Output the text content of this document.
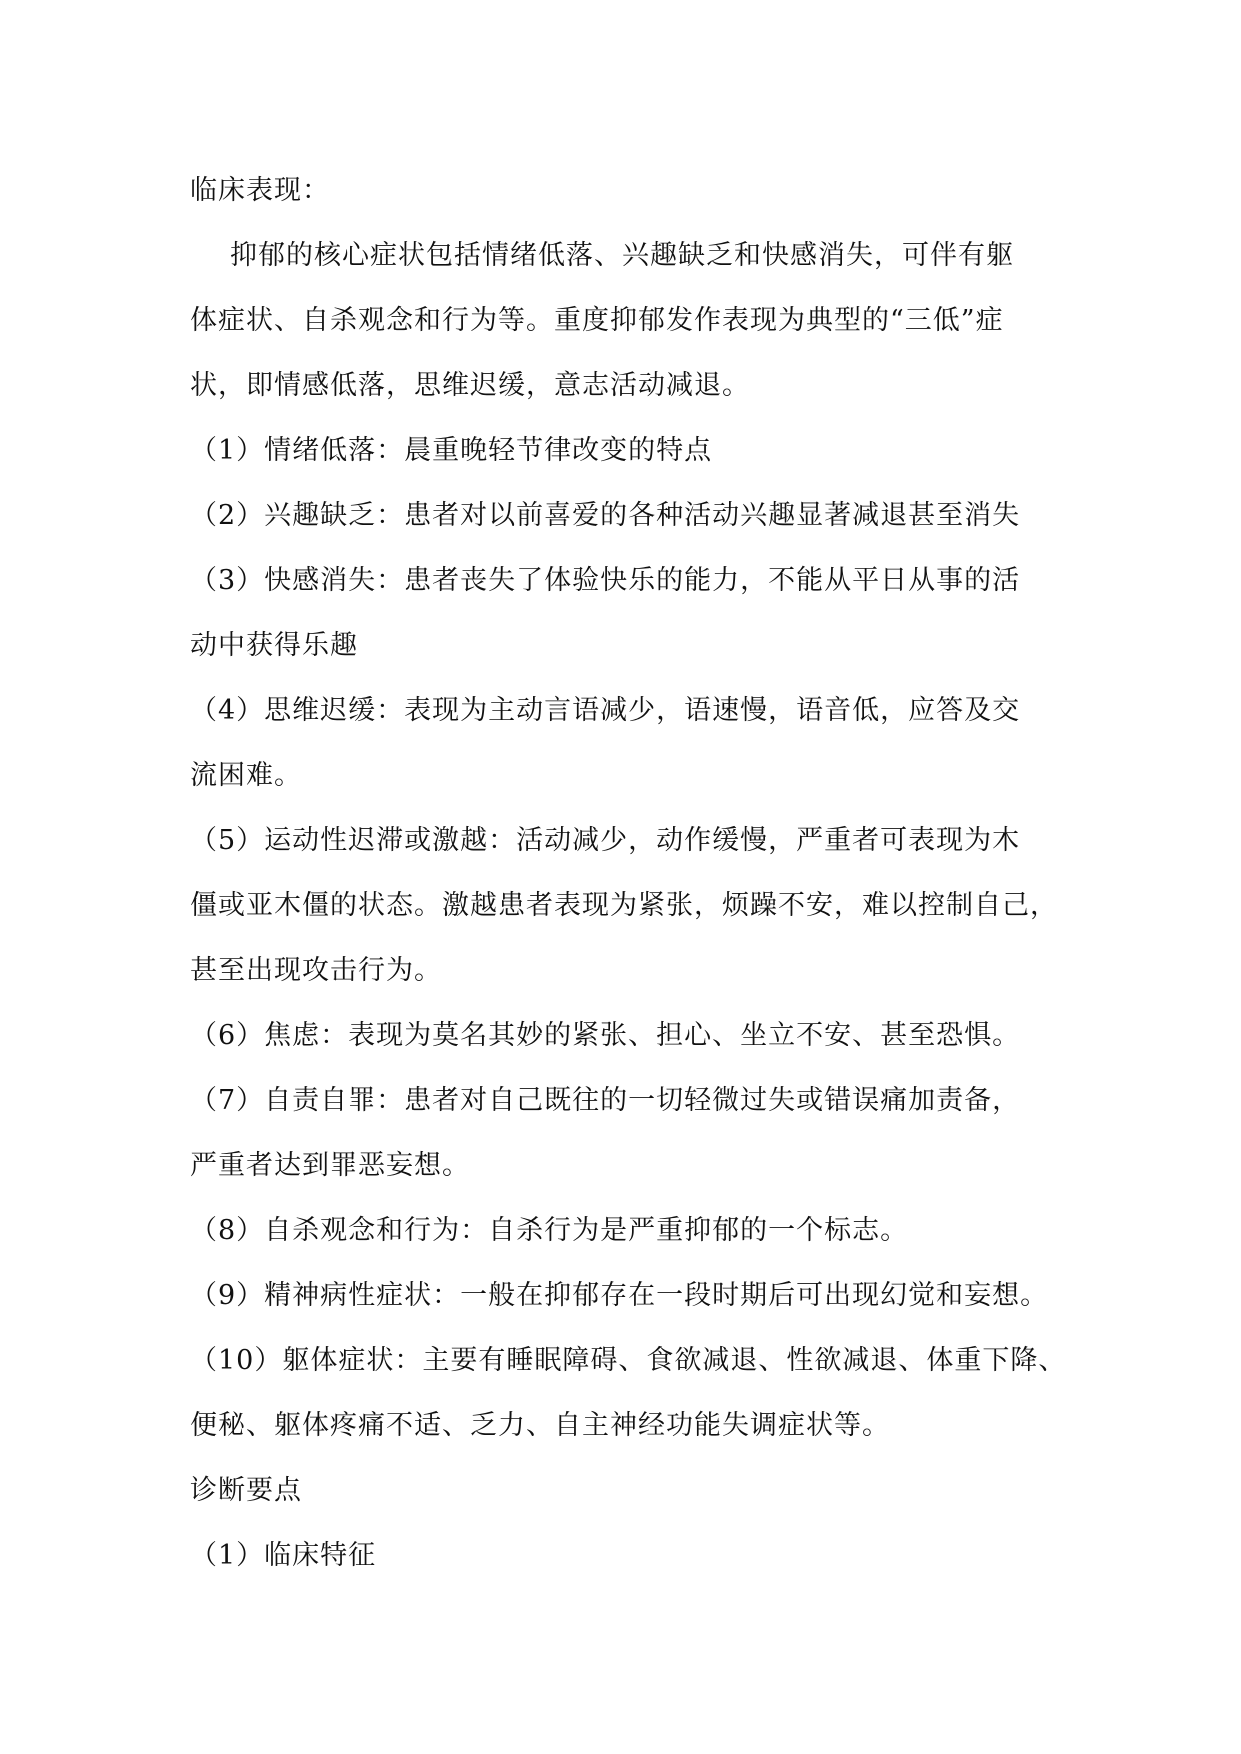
临床表现：
抑郁的核心症状包括情绪低落、兴趣缺乏和快感消失，可伴有躯
体症状、自杀观念和行为等。重度抑郁发作表现为典型的“三低”症
状，即情感低落，思维迟缓，意志活动减退。
（1）情绪低落：晨重晚轻节律改变的特点
（2）兴趣缺乏：患者对以前喜爱的各种活动兴趣显著减退甚至消失
（3）快感消失：患者丧失了体验快乐的能力，不能从平日从事的活
动中获得乐趣
（4）思维迟缓：表现为主动言语减少，语速慢，语音低，应答及交
流困难。
（5）运动性迟滞或激越：活动减少，动作缓慢，严重者可表现为木
僵或亚木僵的状态。激越患者表现为紧张，烦躁不安，难以控制自己，
甚至出现攻击行为。
（6）焦虑：表现为莫名其妙的紧张、担心、坐立不安、甚至恐惧。
（7）自责自罪：患者对自己既往的一切轻微过失或错误痛加责备，
严重者达到罪恶妄想。
（8）自杀观念和行为：自杀行为是严重抑郁的一个标志。
（9）精神病性症状：一般在抑郁存在一段时期后可出现幻觉和妄想。
（10）躯体症状：主要有睡眠障碍、食欲减退、性欲减退、体重下降、
便秘、躯体疼痛不适、乏力、自主神经功能失调症状等。
诊断要点
（1）临床特征
